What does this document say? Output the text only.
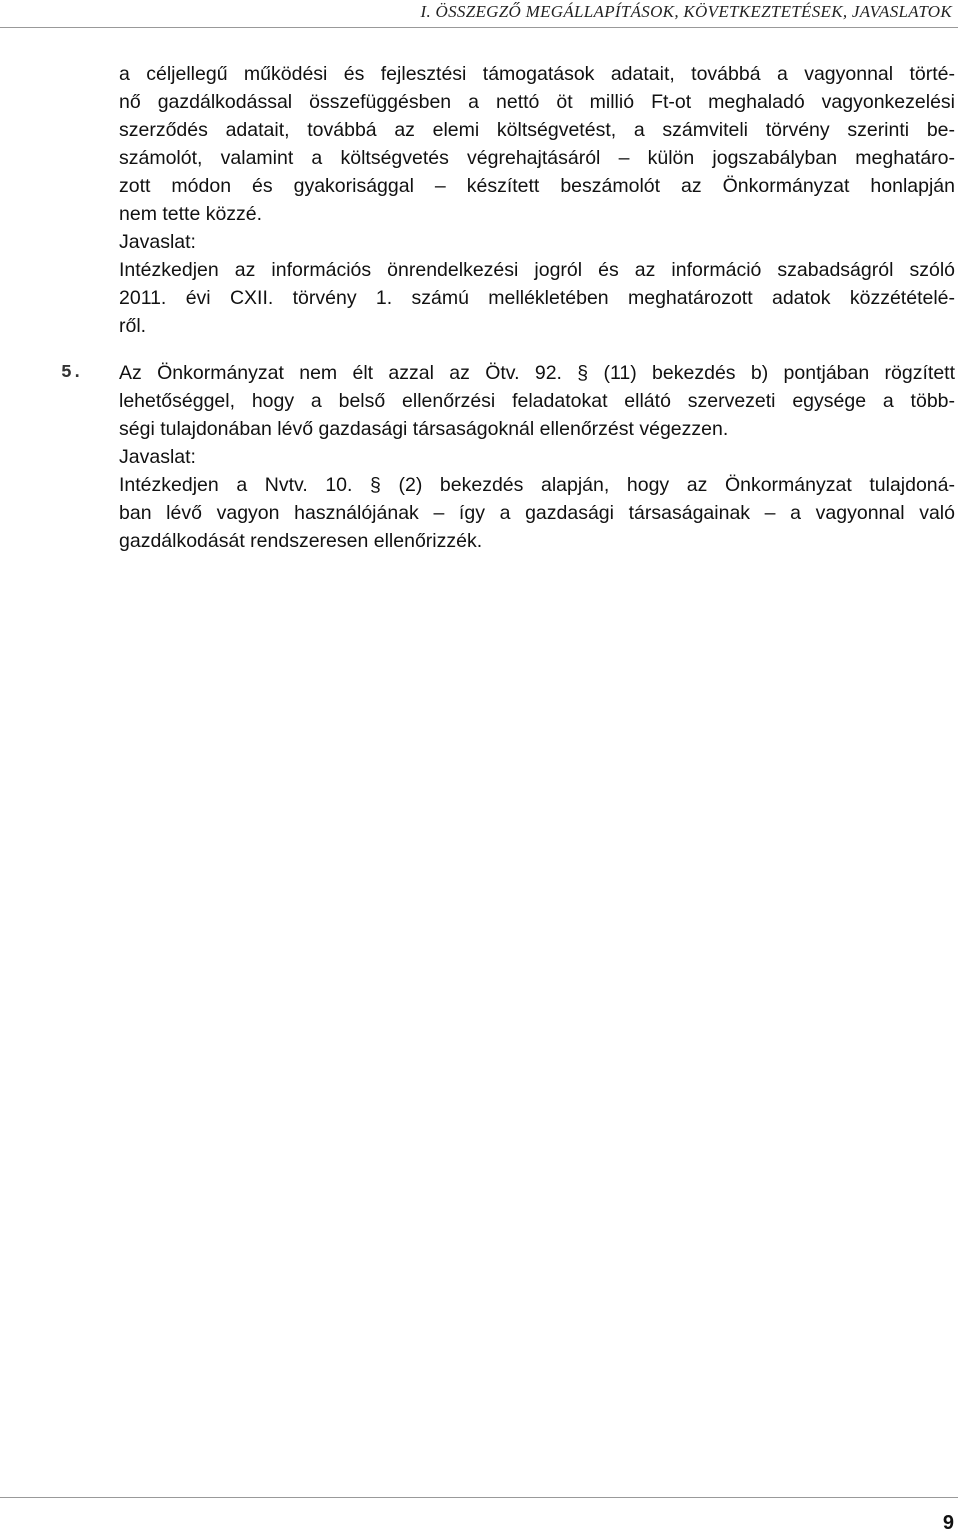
I. ÖSSZEGZŐ MEGÁLLAPÍTÁSOK, KÖVETKEZTETÉSEK, JAVASLATOK

a céljellegű működési és fejlesztési támogatások adatait, továbbá a vagyonnal törté-
nő gazdálkodással összefüggésben a nettó öt millió Ft-ot meghaladó vagyonkezelési
szerződés adatait, továbbá az elemi költségvetést, a számviteli törvény szerinti be-
számolót, valamint a költségvetés végrehajtásáról – külön jogszabályban meghatáro-
zott módon és gyakorisággal – készített beszámolót az Önkormányzat honlapján
nem tette közzé.

Javaslat:

Intézkedjen az információs önrendelkezési jogról és az információ szabadságról szóló
2011. évi CXII. törvény 1. számú mellékletében meghatározott adatok közzétételé-
ről.

5. Az Önkormányzat nem élt azzal az Ötv. 92. § (11) bekezdés b) pontjában rögzített
lehetőséggel, hogy a belső ellenőrzési feladatokat ellátó szervezeti egysége a több-
ségi tulajdonában lévő gazdasági társaságoknál ellenőrzést végezzen.

Javaslat:

Intézkedjen a Nvtv. 10. § (2) bekezdés alapján, hogy az Önkormányzat tulajdoná-
ban lévő vagyon használójának – így a gazdasági társaságainak – a vagyonnal való
gazdálkodását rendszeresen ellenőrizzék.

9
